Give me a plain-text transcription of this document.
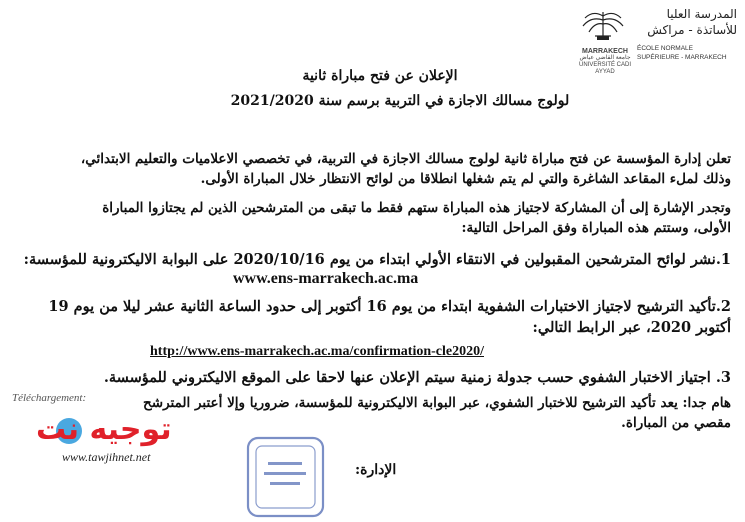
MARRAKECH
جامعة القاضي عياض UNIVERSITÉ CADI AYYAD
المدرسة العليا للأساتذة - مراكش
ÉCOLE NORMALE SUPÉRIEURE - MARRAKECH
الإعلان عن فتح مباراة ثانية
لولوج مسالك الاجازة في التربية برسم سنة 2021/2020
تعلن إدارة المؤسسة عن فتح مباراة ثانية لولوج مسالك الاجازة في التربية، في تخصصي الاعلاميات والتعليم الابتدائي،
وذلك لملء المقاعد الشاغرة والتي لم يتم شغلها انطلاقا من لوائح الانتظار خلال المباراة الأولى.
وتجدر الإشارة إلى أن المشاركة لاجتياز هذه المباراة ستهم فقط ما تبقى من المترشحين الذين لم يجتازوا المباراة
الأولى، وستتم هذه المباراة وفق المراحل التالية:
1.نشر لوائح المترشحين المقبولين في الانتقاء الأولي ابتداء من يوم 2020/10/16 على البوابة الاليكترونية للمؤسسة:
www.ens-marrakech.ac.ma
2.تأكيد الترشيح لاجتياز الاختبارات الشفوية ابتداء من يوم 16 أكتوبر إلى حدود الساعة الثانية عشر ليلا من يوم 19
أكتوبر 2020، عبر الرابط التالي:
http://www.ens-marrakech.ac.ma/confirmation-cle2020/
3. اجتياز الاختبار الشفوي حسب جدولة زمنية سيتم الإعلان عنها لاحقا على الموقع الاليكتروني للمؤسسة.
هام جدا: يعد تأكيد الترشيح للاختبار الشفوي، عبر البوابة الاليكترونية للمؤسسة، ضروريا وإلا أعتبر المترشح
مقصي من المباراة.
Téléchargement:
توجيه نت
www.tawjihnet.net
الإدارة:
